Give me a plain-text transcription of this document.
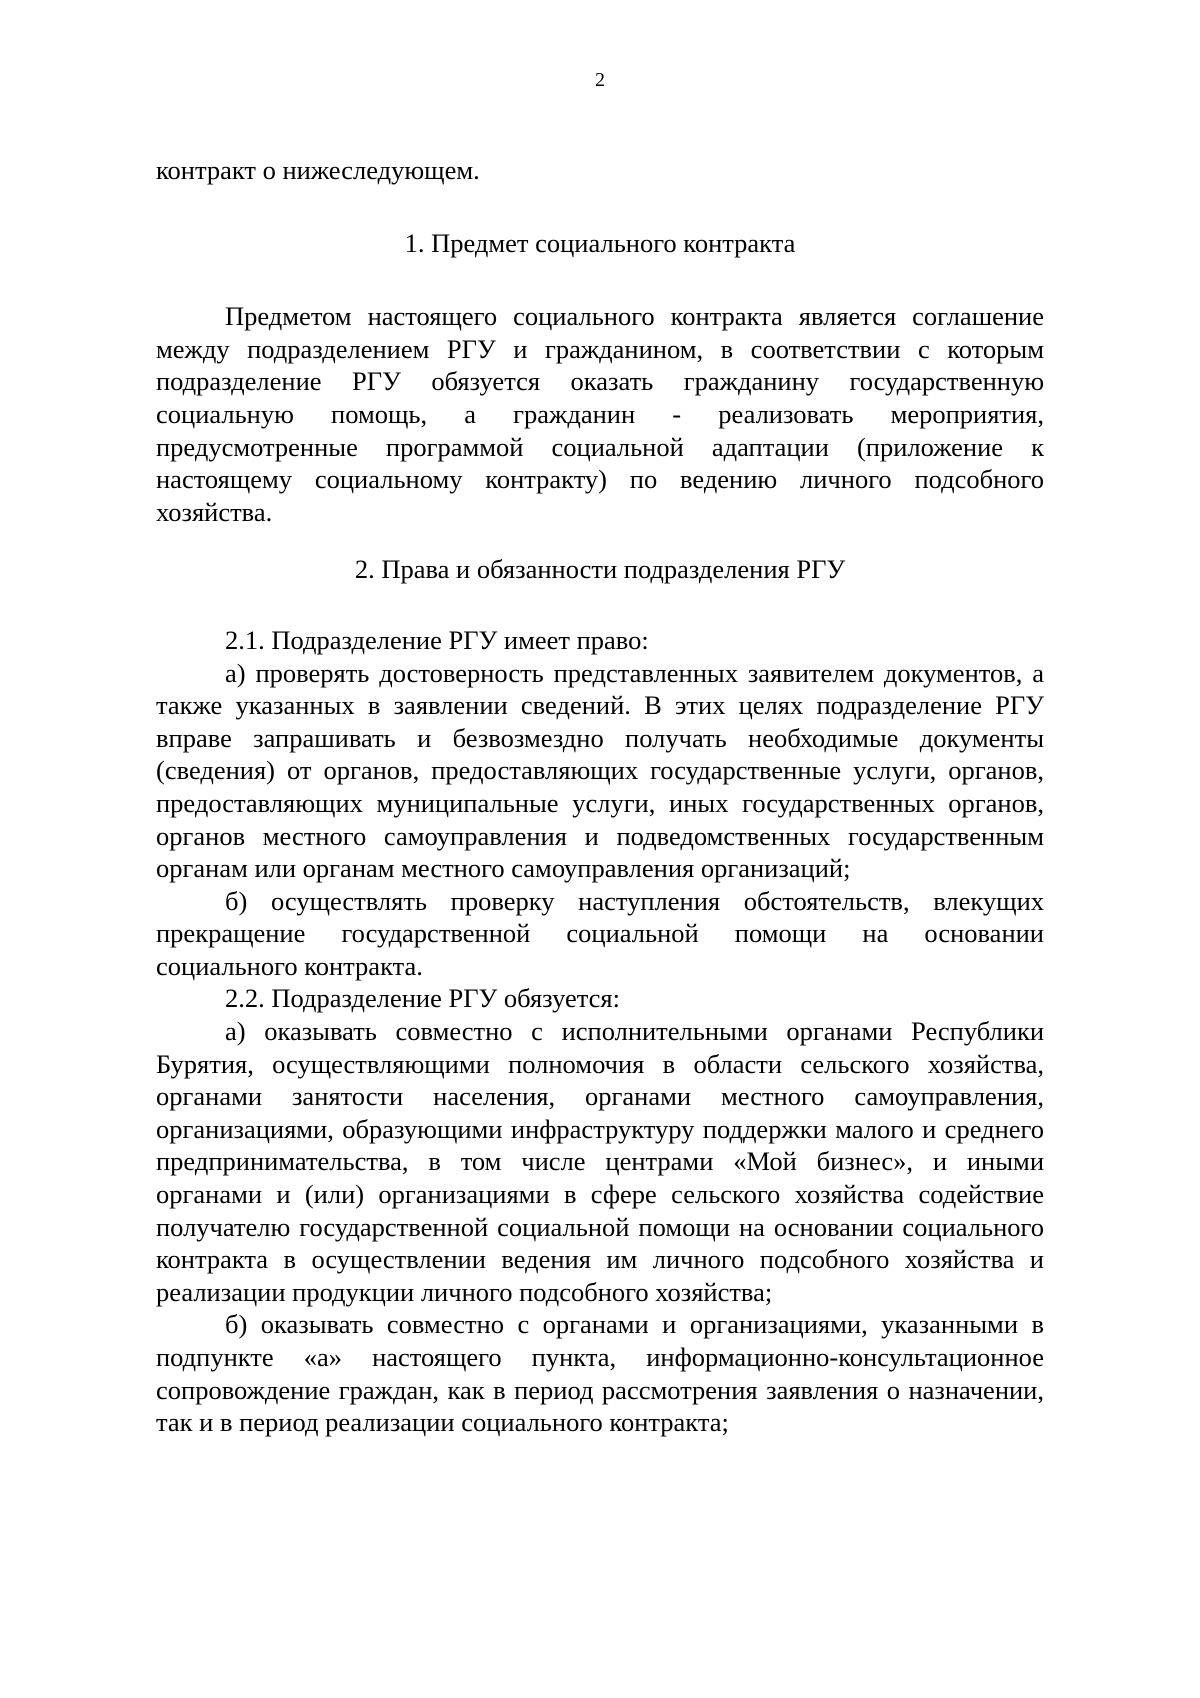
2

контракт о нижеследующем.

1. Предмет социального контракта

Предметом настоящего социального контракта является соглашение между подразделением РГУ и гражданином, в соответствии с которым подразделение РГУ обязуется оказать гражданину государственную социальную помощь, а гражданин - реализовать мероприятия, предусмотренные программой социальной адаптации (приложение к настоящему социальному контракту) по ведению личного подсобного хозяйства.

2. Права и обязанности подразделения РГУ

2.1. Подразделение РГУ имеет право:

а) проверять достоверность представленных заявителем документов, а также указанных в заявлении сведений. В этих целях подразделение РГУ вправе запрашивать и безвозмездно получать необходимые документы (сведения) от органов, предоставляющих государственные услуги, органов, предоставляющих муниципальные услуги, иных государственных органов, органов местного самоуправления и подведомственных государственным органам или органам местного самоуправления организаций;

б) осуществлять проверку наступления обстоятельств, влекущих прекращение государственной социальной помощи на основании социального контракта.

2.2. Подразделение РГУ обязуется:

а) оказывать совместно с исполнительными органами Республики Бурятия, осуществляющими полномочия в области сельского хозяйства, органами занятости населения, органами местного самоуправления, организациями, образующими инфраструктуру поддержки малого и среднего предпринимательства, в том числе центрами «Мой бизнес», и иными органами и (или) организациями в сфере сельского хозяйства содействие получателю государственной социальной помощи на основании социального контракта в осуществлении ведения им личного подсобного хозяйства и реализации продукции личного подсобного хозяйства;

б) оказывать совместно с органами и организациями, указанными в подпункте «а» настоящего пункта, информационно-консультационное сопровождение граждан, как в период рассмотрения заявления о назначении, так и в период реализации социального контракта;
